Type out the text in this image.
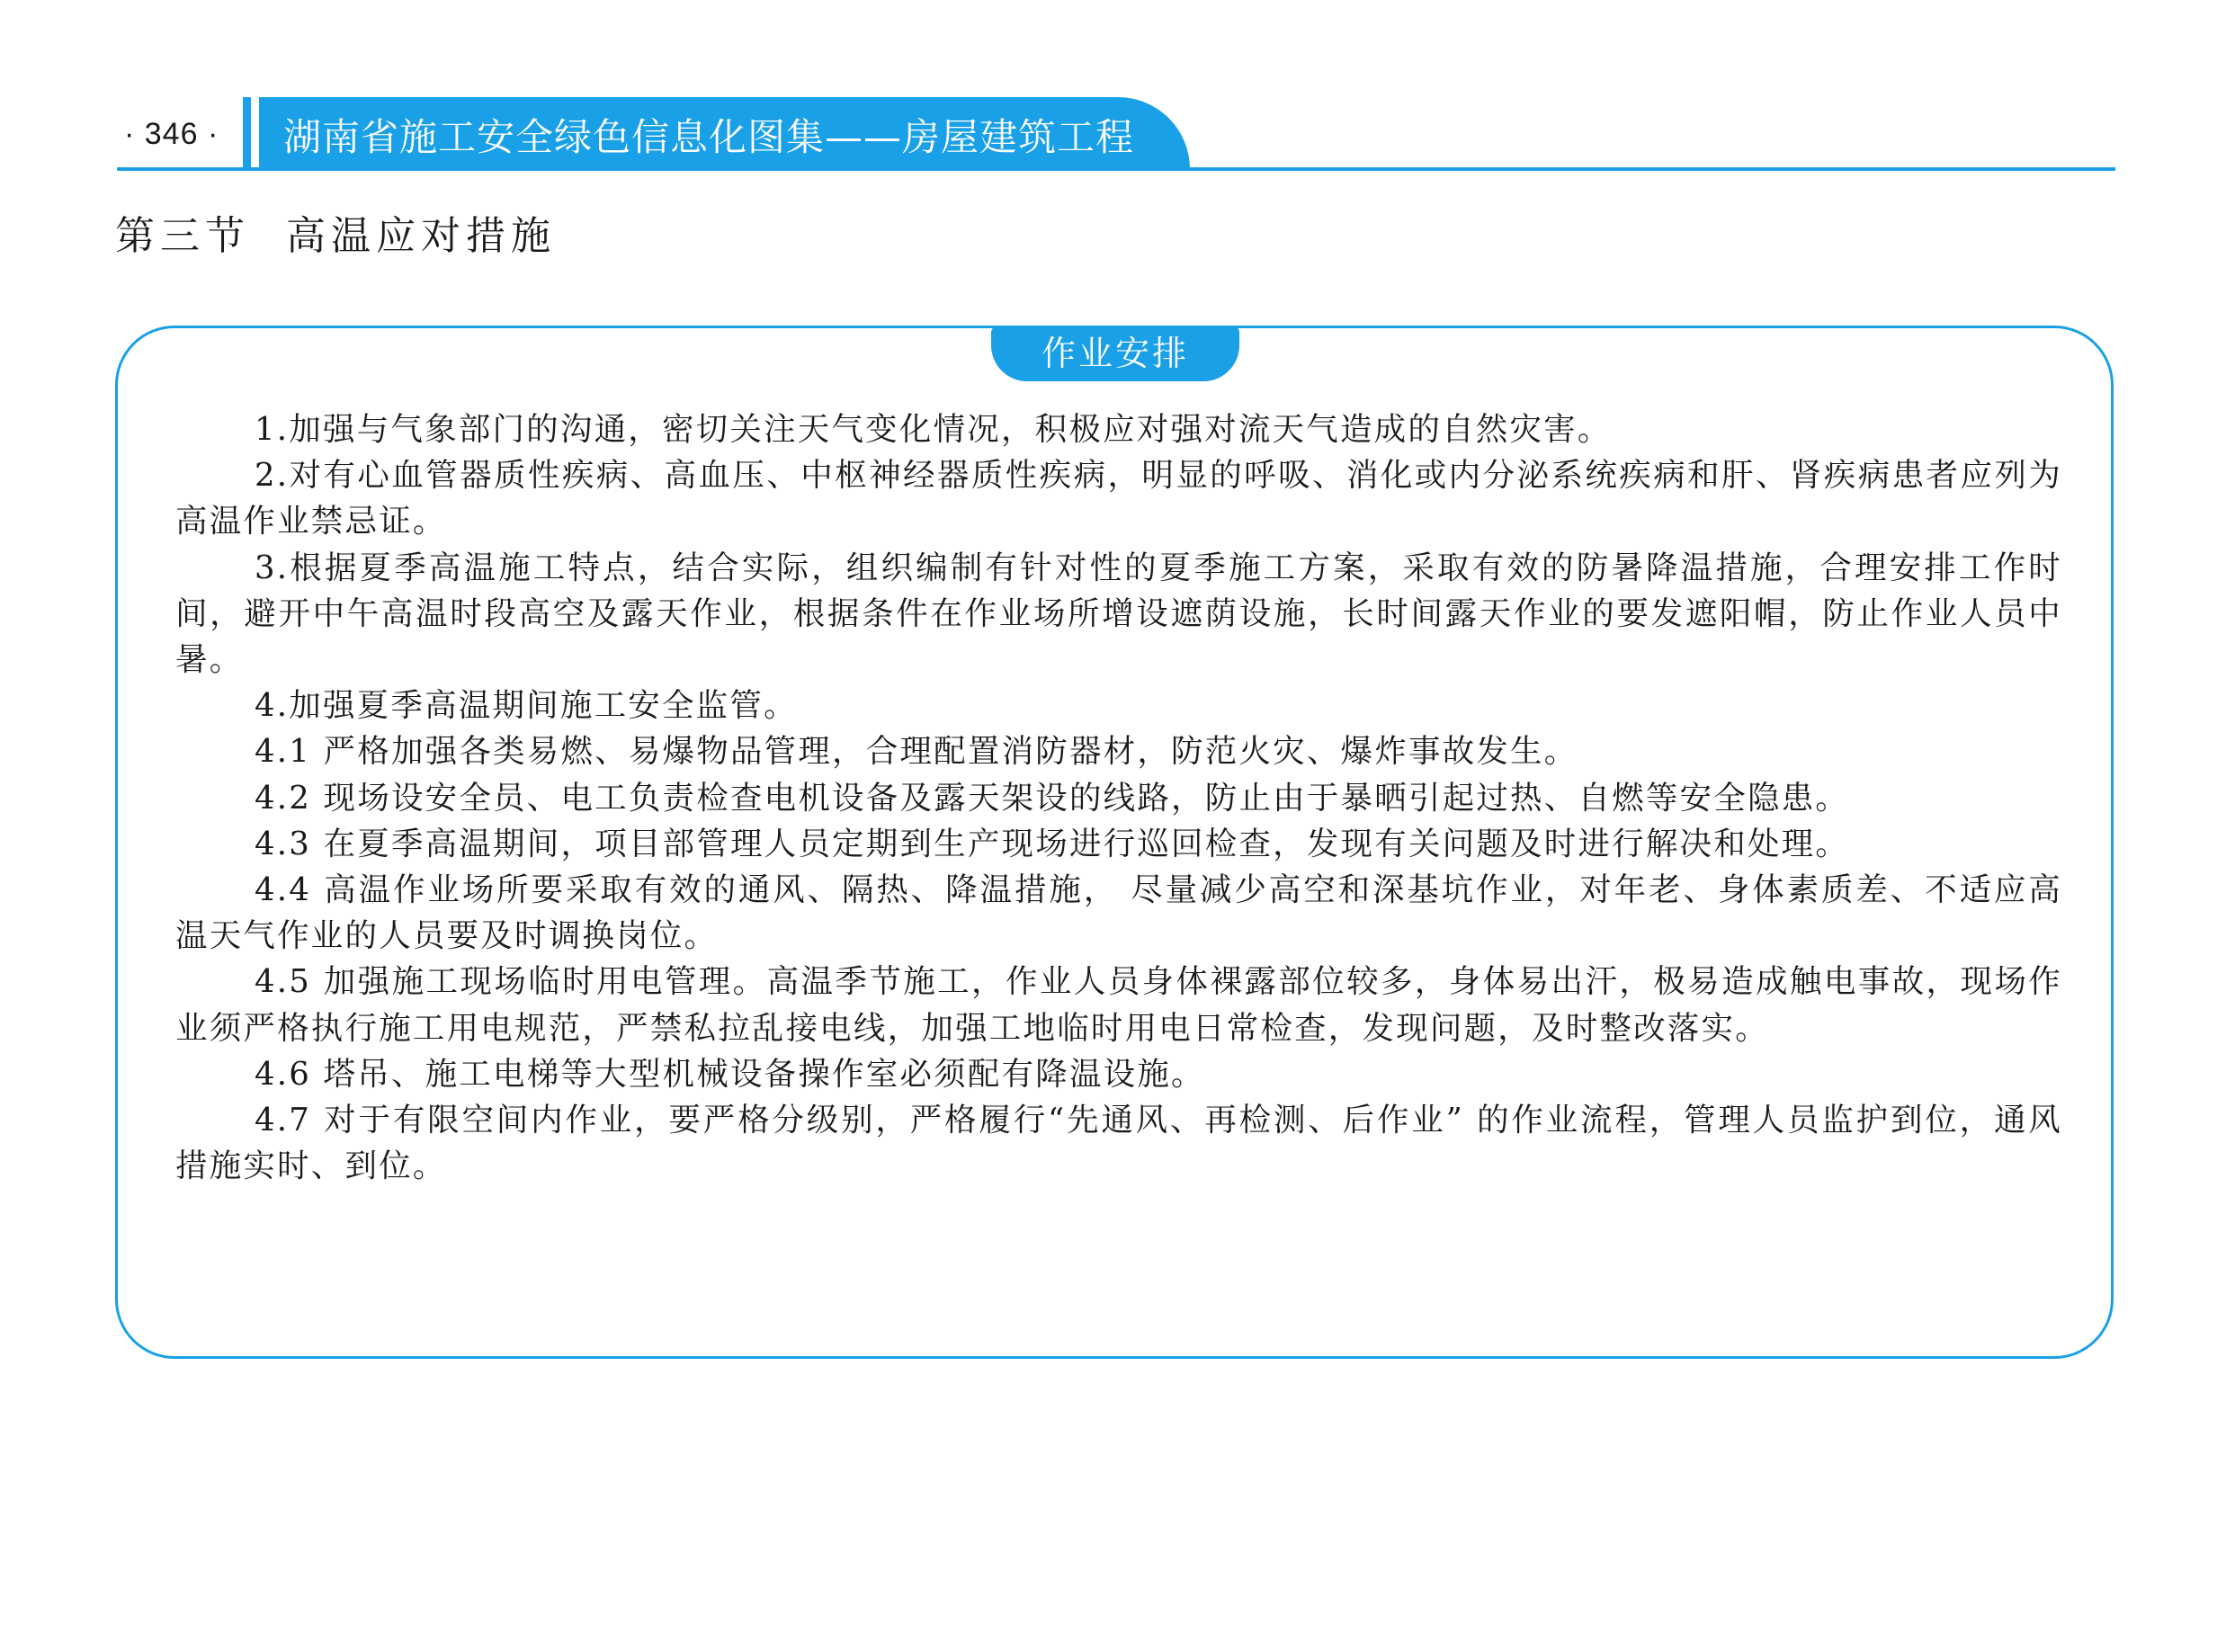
· 346 · 湖南省施工安全绿色信息化图集——房屋建筑工程
第三节 高温应对措施
作业安排

1.加强与气象部门的沟通，密切关注天气变化情况，积极应对强对流天气造成的自然灾害。

2.对有心血管器质性疾病、高血压、中枢神经器质性疾病，明显的呼吸、消化或内分泌系统疾病和肝、肾疾病患者应列为高温作业禁忌证。

3.根据夏季高温施工特点，结合实际，组织编制有针对性的夏季施工方案，采取有效的防暑降温措施，合理安排工作时间，避开中午高温时段高空及露天作业，根据条件在作业场所增设遮荫设施，长时间露天作业的要发遮阳帽，防止作业人员中暑。

4.加强夏季高温期间施工安全监管。

4.1 严格加强各类易燃、易爆物品管理，合理配置消防器材，防范火灾、爆炸事故发生。

4.2 现场设安全员、电工负责检查电机设备及露天架设的线路，防止由于暴晒引起过热、自燃等安全隐患。

4.3 在夏季高温期间，项目部管理人员定期到生产现场进行巡回检查，发现有关问题及时进行解决和处理。

4.4 高温作业场所要采取有效的通风、隔热、降温措施， 尽量减少高空和深基坑作业，对年老、身体素质差、不适应高温天气作业的人员要及时调换岗位。

4.5 加强施工现场临时用电管理。高温季节施工，作业人员身体裸露部位较多，身体易出汗，极易造成触电事故，现场作业须严格执行施工用电规范，严禁私拉乱接电线，加强工地临时用电日常检查，发现问题，及时整改落实。

4.6 塔吊、施工电梯等大型机械设备操作室必须配有降温设施。

4.7 对于有限空间内作业，要严格分级别，严格履行“先通风、再检测、后作业” 的作业流程，管理人员监护到位，通风措施实时、到位。
